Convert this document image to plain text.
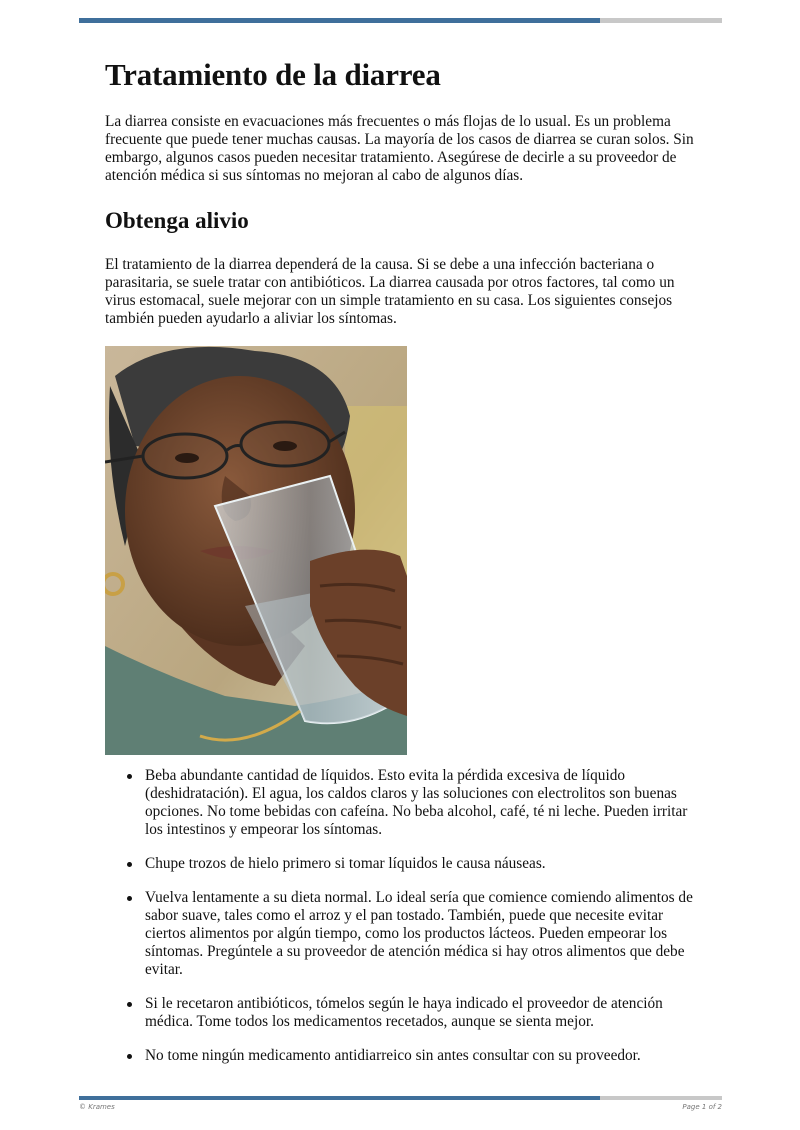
Tratamiento de la diarrea

La diarrea consiste en evacuaciones más frecuentes o más flojas de lo usual. Es un problema frecuente que puede tener muchas causas. La mayoría de los casos de diarrea se curan solos. Sin embargo, algunos casos pueden necesitar tratamiento. Asegúrese de decirle a su proveedor de atención médica si sus síntomas no mejoran al cabo de algunos días.

Obtenga alivio

El tratamiento de la diarrea dependerá de la causa. Si se debe a una infección bacteriana o parasitaria, se suele tratar con antibióticos. La diarrea causada por otros factores, tal como un virus estomacal, suele mejorar con un simple tratamiento en su casa. Los siguientes consejos también pueden ayudarlo a aliviar los síntomas.

Beba abundante cantidad de líquidos. Esto evita la pérdida excesiva de líquido (deshidratación). El agua, los caldos claros y las soluciones con electrolitos son buenas opciones. No tome bebidas con cafeína. No beba alcohol, café, té ni leche. Pueden irritar los intestinos y empeorar los síntomas.
Chupe trozos de hielo primero si tomar líquidos le causa náuseas.
Vuelva lentamente a su dieta normal. Lo ideal sería que comience comiendo alimentos de sabor suave, tales como el arroz y el pan tostado. También, puede que necesite evitar ciertos alimentos por algún tiempo, como los productos lácteos. Pueden empeorar los síntomas. Pregúntele a su proveedor de atención médica si hay otros alimentos que debe evitar.
Si le recetaron antibióticos, tómelos según le haya indicado el proveedor de atención médica. Tome todos los medicamentos recetados, aunque se sienta mejor.
No tome ningún medicamento antidiarreico sin antes consultar con su proveedor.
© Krames	Page 1 of 2
